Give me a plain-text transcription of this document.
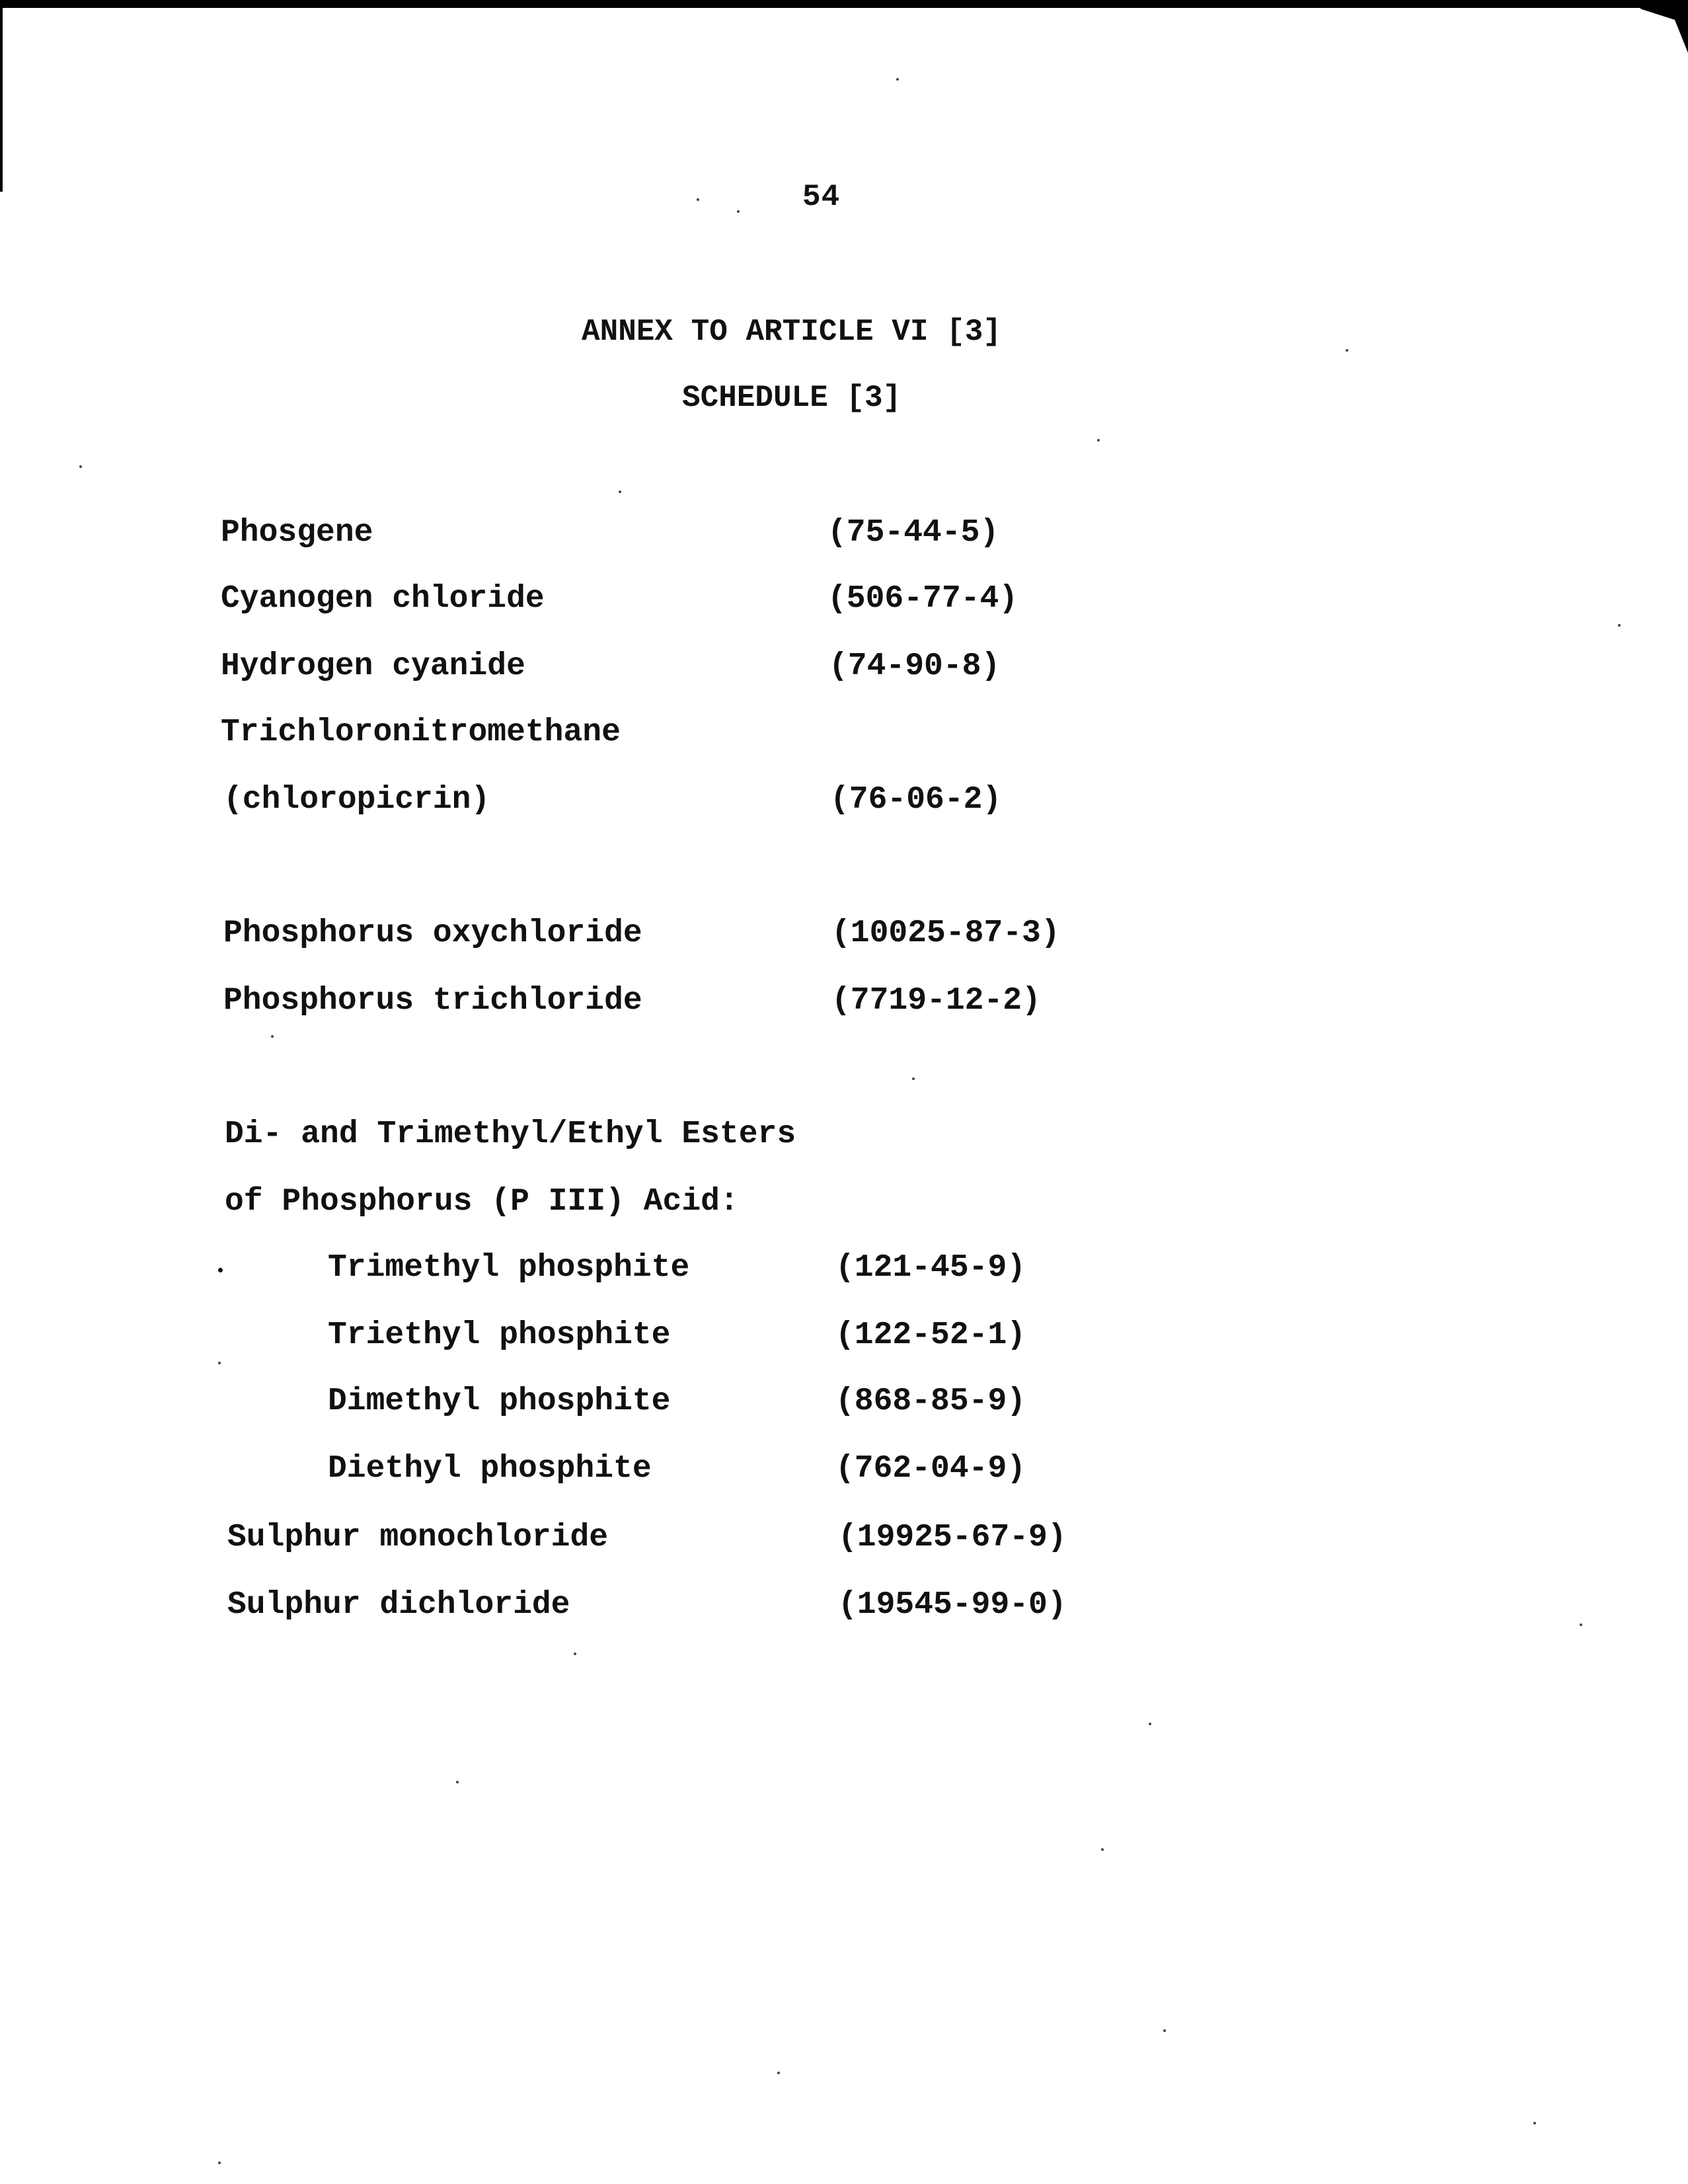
54
ANNEX TO ARTICLE VI [3]
SCHEDULE [3]
Phosgene
Cyanogen chloride
Hydrogen cyanide
Trichloronitromethane
(chloropicrin)
Phosphorus oxychloride
Phosphorus trichloride
Di- and Trimethyl/Ethyl Esters
of Phosphorus (P III) Acid:
Trimethyl phosphite
Triethyl phosphite
Dimethyl phosphite
Diethyl phosphite
Sulphur monochloride
Sulphur dichloride
(75-44-5)
(506-77-4)
(74-90-8)
(76-06-2)
(10025-87-3)
(7719-12-2)
(121-45-9)
(122-52-1)
(868-85-9)
(762-04-9)
(19925-67-9)
(19545-99-0)
